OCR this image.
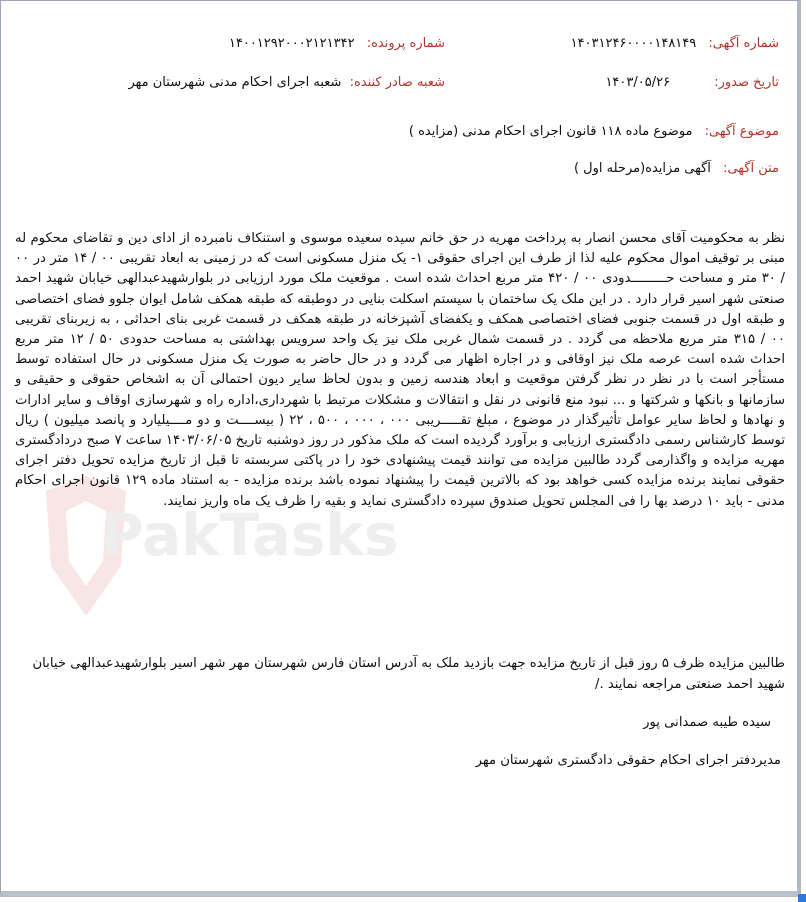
PakTasks
شماره آگهی: ۱۴۰۳۱۲۴۶۰۰۰۰۱۴۸۱۴۹
شماره پرونده: ۱۴۰۰۱۲۹۲۰۰۰۲۱۲۱۳۴۲
تاریخ صدور: ۱۴۰۳/۰۵/۲۶
شعبه صادر کننده: شعبه اجرای احکام مدنی شهرستان مهر
موضوع آگهی: موضوع ماده ۱۱۸ قانون اجرای احکام مدنی (مزایده )
متن آگهی: آگهی مزایده(مرحله اول )

نظر به محکومیت آقای محسن انصار به پرداخت مهریه در حق خانم سیده سعیده موسوی و استنکاف نامبرده از ادای دین و تقاضای محکوم له مبنی بر توقیف اموال محکوم علیه لذا از طرف این اجرای حقوقی ۱- یک منزل مسکونی است که در زمینی به ابعاد تقریبی ۰۰ / ۱۴ متر در ۰۰ / ۳۰ متر و مساحت حـــــــــدودی ۰۰ / ۴۲۰ متر مربع احداث شده است . موقعیت ملک مورد ارزیابی در بلوارشهیدعبدالهی خیابان شهید احمد صنعتی شهر اسیر قرار دارد . در این ملک یک ساختمان با سیستم اسکلت بنایی در دوطبقه که طبقه همکف شامل ایوان جلوو فضای اختصاصی و طبقه اول در قسمت جنوبی فضای اختصاصی همکف و یکفضای آشپزخانه در طبقه همکف در قسمت غربی بنای احداثی ، به زیربنای تقریبی ۰۰ / ۳۱۵ متر مربع ملاحظه می گردد . در قسمت شمال غربی ملک نیز یک واحد سرویس بهداشتی به مساحت حدودی ۵۰ / ۱۲ متر مربع احداث شده است عرصه ملک نیز اوقافی و در اجاره اظهار می گردد و در حال حاضر به صورت یک منزل مسکونی در حال استفاده توسط مستأجر است با در نظر در نظر گرفتن موقعیت و ابعاد هندسه زمین و بدون لحاظ سایر دیون احتمالی آن به اشخاص حقوقی و حقیقی و سازمانها و بانکها و شرکتها و ... نبود منع قانونی در نقل و انتقالات و مشکلات مرتبط با شهرداری،اداره راه و شهرسازی اوقاف و سایر ادارات و نهادها و لحاظ سایر عوامل تأثیرگذار در موضوع ، مبلغ تقـــــریبی ۰۰۰ ، ۰۰۰ ، ۵۰۰ ، ۲۲ ( بیســــت و دو مــــیلیارد و پانصد میلیون ) ریال توسط کارشناس رسمی دادگستری ارزیابی و برآورد گردیده است که ملک مذکور در روز دوشنبه تاریخ ۱۴۰۳/۰۶/۰۵ ساعت ۷ صبح دردادگستری مهریه مزایده و واگذارمی گردد طالبین مزایده می توانند قیمت پیشنهادی خود را در پاکتی سربسته تا قبل از تاریخ مزایده تحویل دفتر اجرای حقوقی نمایند برنده مزایده کسی خواهد بود که بالاترین قیمت را پیشنهاد نموده باشد برنده مزایده - به استناد ماده ۱۲۹ قانون اجرای احکام مدنی - باید ۱۰ درصد بها را فی المجلس تحویل صندوق سپرده دادگستری نماید و بقیه را ظرف یک ماه واریز نمایند.

طالبین مزایده ظرف ۵ روز قبل از تاریخ مزایده جهت بازدید ملک به آدرس استان فارس شهرستان مهر شهر اسیر بلوارشهیدعبدالهی خیابان شهید احمد صنعتی مراجعه نمایند ./
سیده طیبه صمدانی پور
مدیردفتر اجرای احکام حقوقی دادگستری شهرستان مهر
